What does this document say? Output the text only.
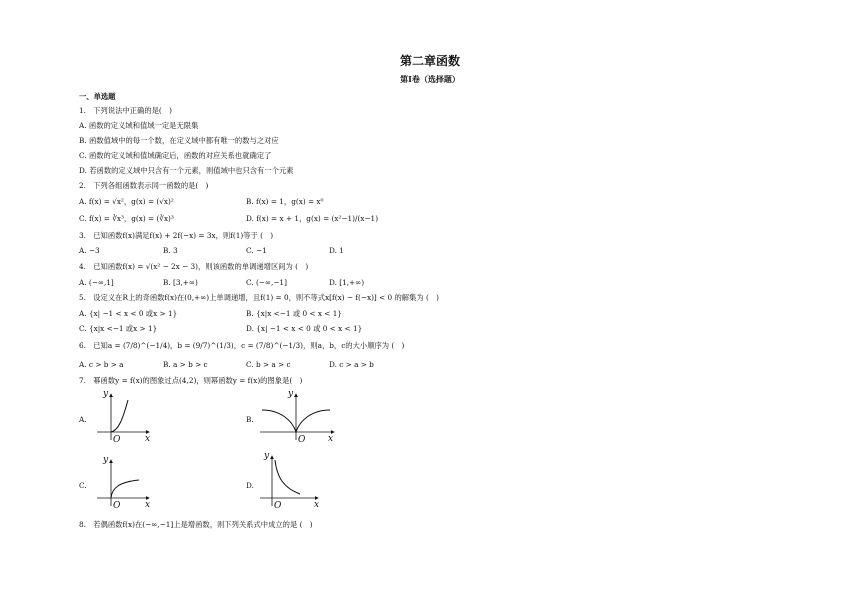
第二章函数
第I卷（选择题）
一、单选题
1.　下列说法中正确的是(　)
A. 函数的定义域和值域一定是无限集
B. 函数值域中的每一个数，在定义域中都有唯一的数与之对应
C. 函数的定义域和值域确定后，函数的对应关系也就确定了
D. 若函数的定义域中只含有一个元素，则值域中也只含有一个元素
2.　下列各组函数表示同一函数的是(　)
A. f(x) = √x²，g(x) = (√x)²	B. f(x) = 1，g(x) = x⁰
C. f(x) = ∛x³，g(x) = (∛x)³	D. f(x) = x + 1，g(x) = (x²−1)/(x−1)
3.　已知函数f(x)满足f(x) + 2f(−x) = 3x，则f(1)等于 (　)
A. −3	B. 3	C. −1	D. 1
4.　已知函数f(x) = √(x² − 2x − 3)，则该函数的单调递增区间为 (　)
A. (−∞,1]	B. [3,+∞)	C. (−∞,−1]	D. [1,+∞)
5.　设定义在R上的奇函数f(x)在(0,+∞)上单调递增，且f(1) = 0，则不等式x[f(x) − f(−x)] < 0 的解集为 (　)
A. {x| −1 < x < 0 或x > 1}	B. {x|x <−1 或 0 < x < 1}
C. {x|x <−1 或x > 1}	D. {x| −1 < x < 0 或 0 < x < 1}
6.　已知a = (7/8)^(−1/4)，b = (9/7)^(1/3)，c = (7/8)^(−1/3)，则a，b，c的大小顺序为 (　)
A. c > b > a	B. a > b > c	C. b > a > c	D. c > a > b
7.　幂函数y = f(x)的图象过点(4,2)，则幂函数y = f(x)的图象是(　)
A.	B.
C.	D.
y
x
O
y
x
O
y
x
O
y
x
O
8.　若偶函数f(x)在(−∞,−1]上是增函数，则下列关系式中成立的是 (　)
